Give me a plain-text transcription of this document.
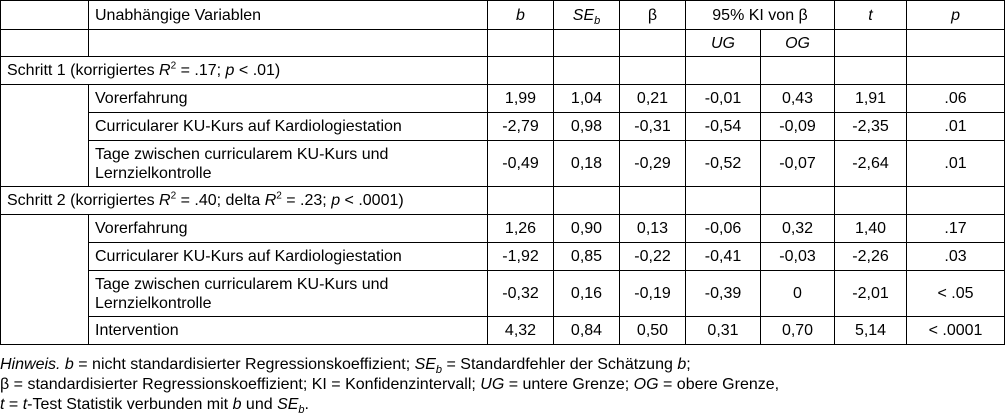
	Unabhängige Variablen	b	$SE_b$	β	95% KI von β		t	p
					UG	OG		
Schritt 1 (korrigiertes $R^2 = .17$; p < .01)								
	Vorerfahrung	1,99	1,04	0,21	-0,01	0,43	1,91	.06
	Curricularer KU-Kurs auf Kardiologiestation	-2,79	0,98	-0,31	-0,54	-0,09	-2,35	.01
	Tage zwischen curricularem KU-Kurs und Lernzielkontrolle	-0,49	0,18	-0,29	-0,52	-0,07	-2,64	.01
Schritt 2 (korrigiertes $R^2 = .40$; delta $R^2 = .23$; p < .0001)								
	Vorerfahrung	1,26	0,90	0,13	-0,06	0,32	1,40	.17
	Curricularer KU-Kurs auf Kardiologiestation	-1,92	0,85	-0,22	-0,41	-0,03	-2,26	.03
	Tage zwischen curricularem KU-Kurs und Lernzielkontrolle	-0,32	0,16	-0,19	-0,39	0	-2,01	< .05
	Intervention	4,32	0,84	0,50	0,31	0,70	5,14	< .0001

Hinweis. b = nicht standardisierter Regressionskoeffizient; $SE_b$ = Standardfehler der Schätzung b;

β = standardisierter Regressionskoeffizient; KI = Konfidenzintervall; UG = untere Grenze; OG = obere Grenze,

t = t-Test Statistik verbunden mit b und $SE_b$.
